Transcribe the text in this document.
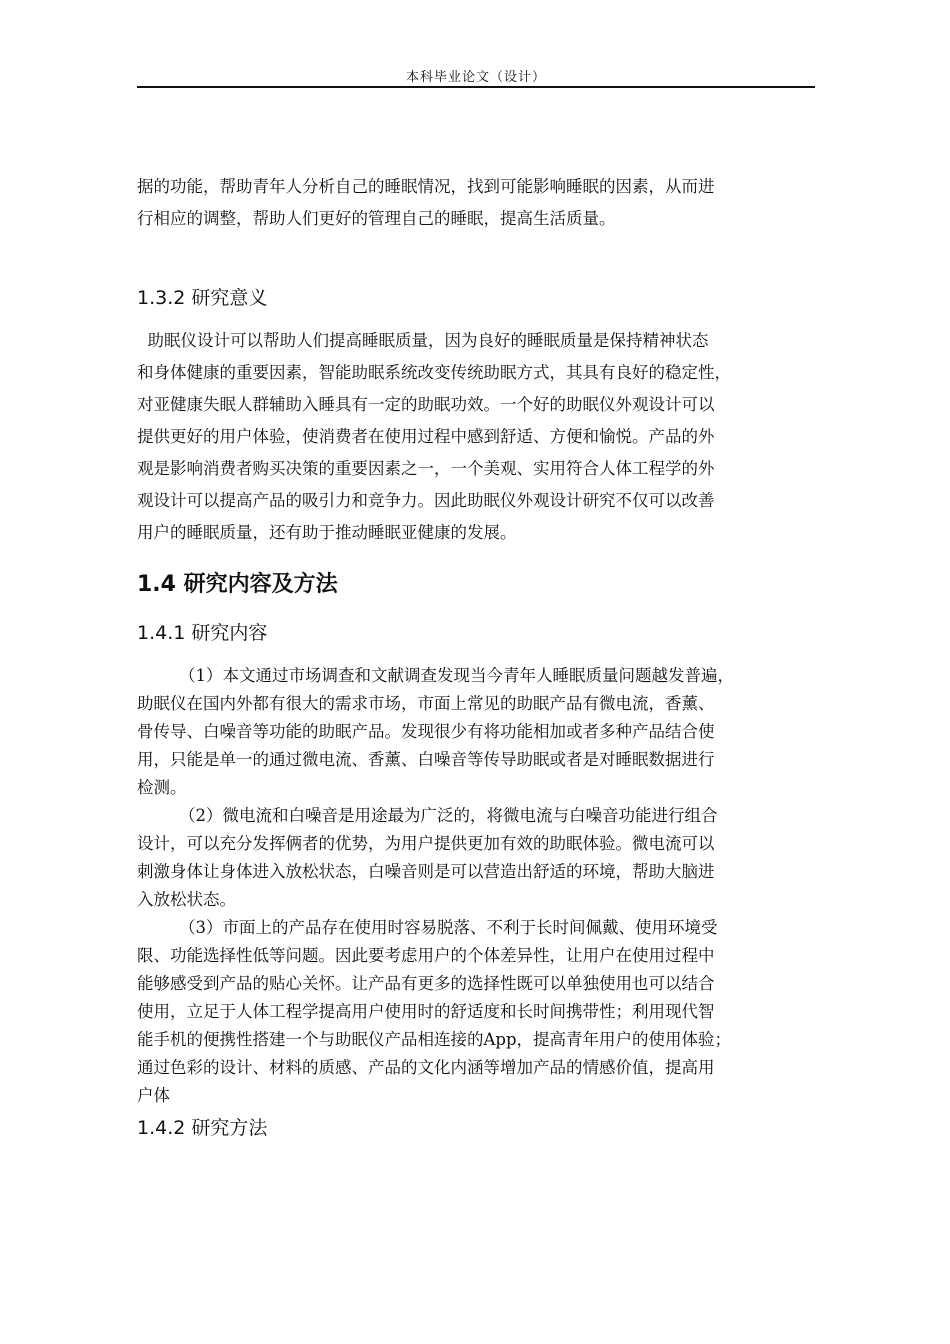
本科毕业论文（设计）
据的功能，帮助青年人分析自己的睡眠情况，找到可能影响睡眠的因素，从而进
行相应的调整，帮助人们更好的管理自己的睡眠，提高生活质量。
1.3.2 研究意义
助眠仪设计可以帮助人们提高睡眠质量，因为良好的睡眠质量是保持精神状态
和身体健康的重要因素，智能助眠系统改变传统助眠方式，其具有良好的稳定性，
对亚健康失眠人群辅助入睡具有一定的助眠功效。一个好的助眠仪外观设计可以
提供更好的用户体验，使消费者在使用过程中感到舒适、方便和愉悦。产品的外
观是影响消费者购买决策的重要因素之一，一个美观、实用符合人体工程学的外
观设计可以提高产品的吸引力和竞争力。因此助眠仪外观设计研究不仅可以改善
用户的睡眠质量，还有助于推动睡眠亚健康的发展。
1.4 研究内容及方法
1.4.1 研究内容
（1）本文通过市场调查和文献调查发现当今青年人睡眠质量问题越发普遍，
助眠仪在国内外都有很大的需求市场，市面上常见的助眠产品有微电流，香薰、
骨传导、白噪音等功能的助眠产品。发现很少有将功能相加或者多种产品结合使
用，只能是单一的通过微电流、香薰、白噪音等传导助眠或者是对睡眠数据进行
检测。
（2）微电流和白噪音是用途最为广泛的，将微电流与白噪音功能进行组合
设计，可以充分发挥俩者的优势，为用户提供更加有效的助眠体验。微电流可以
刺激身体让身体进入放松状态，白噪音则是可以营造出舒适的环境，帮助大脑进
入放松状态。
（3）市面上的产品存在使用时容易脱落、不利于长时间佩戴、使用环境受
限、功能选择性低等问题。因此要考虑用户的个体差异性，让用户在使用过程中
能够感受到产品的贴心关怀。让产品有更多的选择性既可以单独使用也可以结合
使用，立足于人体工程学提高用户使用时的舒适度和长时间携带性；利用现代智
能手机的便携性搭建一个与助眠仪产品相连接的App，提高青年用户的使用体验；
通过色彩的设计、材料的质感、产品的文化内涵等增加产品的情感价值，提高用
户体
1.4.2 研究方法
